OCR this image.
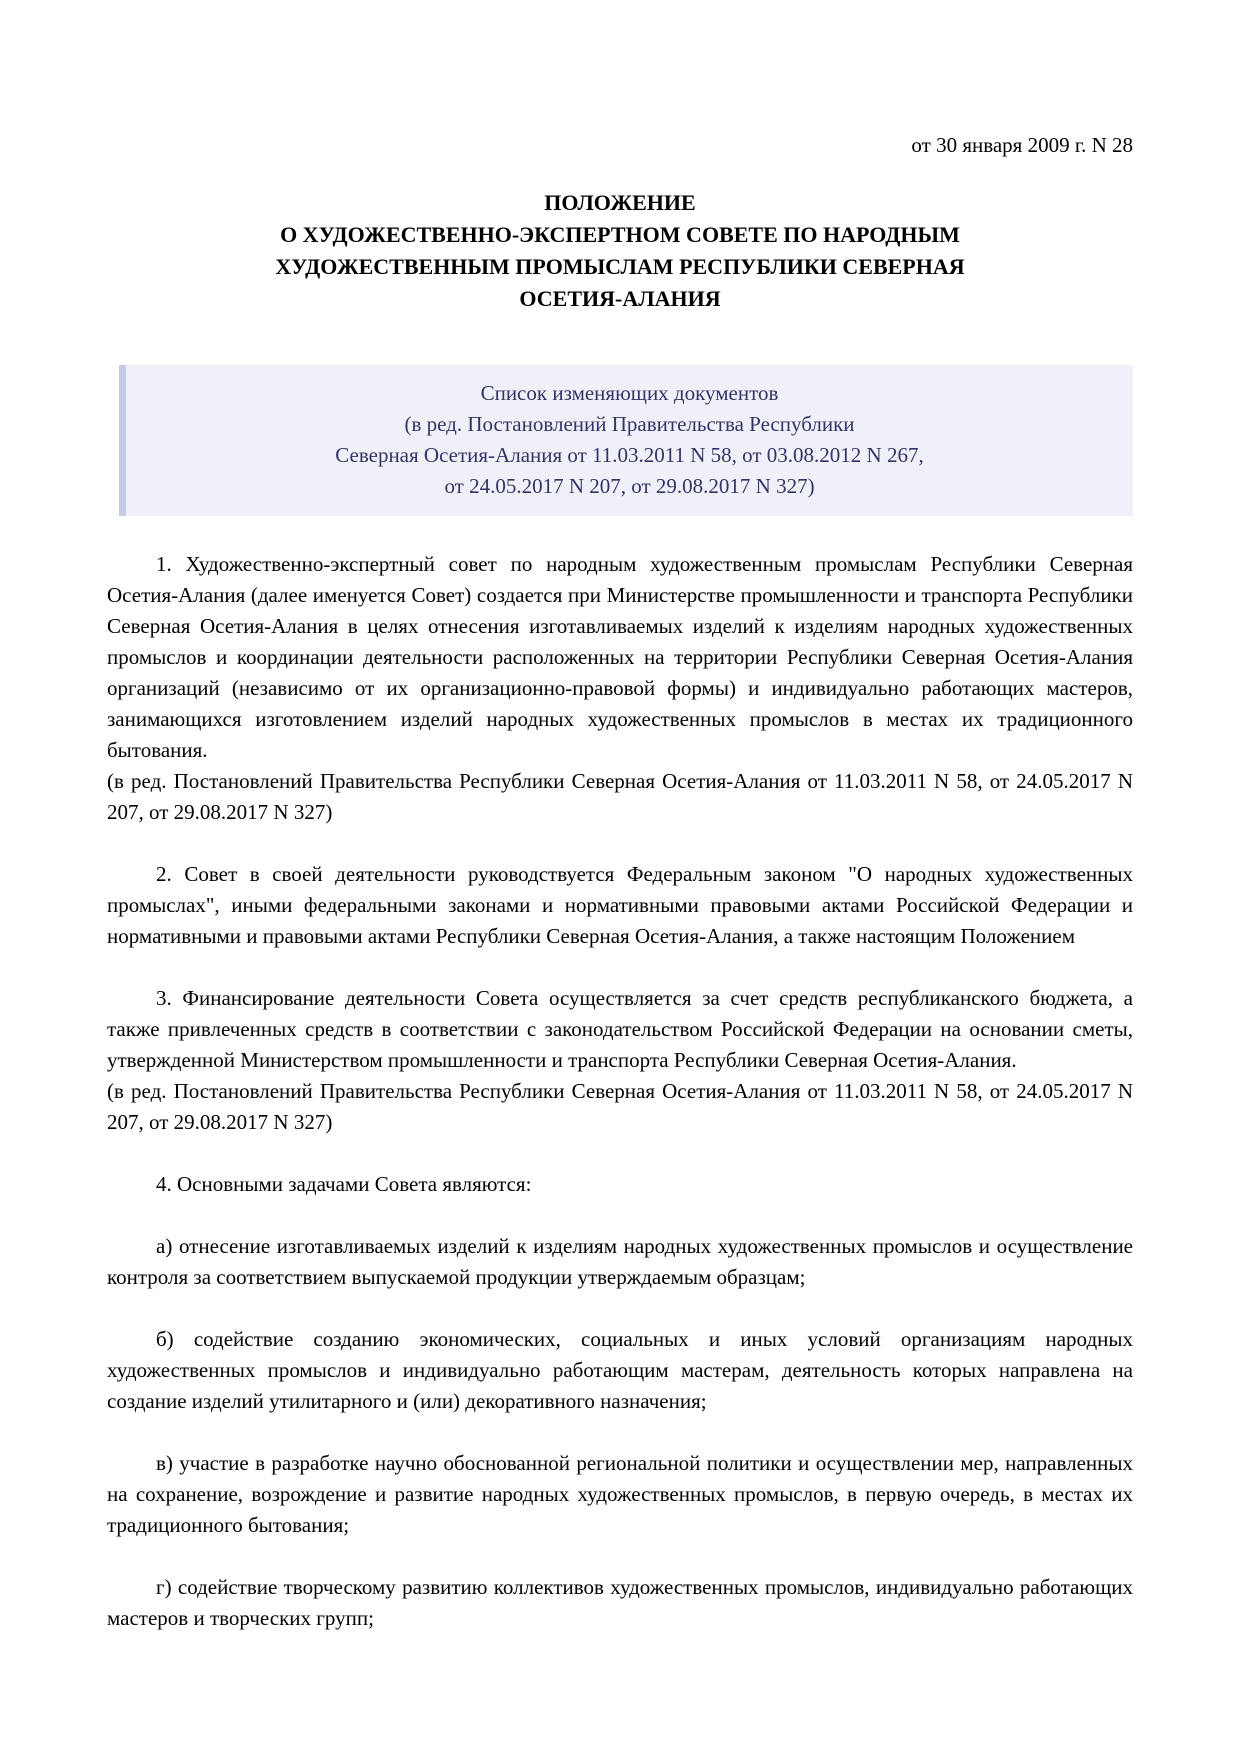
от 30 января 2009 г. N 28
ПОЛОЖЕНИЕ
О ХУДОЖЕСТВЕННО-ЭКСПЕРТНОМ СОВЕТЕ ПО НАРОДНЫМ
ХУДОЖЕСТВЕННЫМ ПРОМЫСЛАМ РЕСПУБЛИКИ СЕВЕРНАЯ
ОСЕТИЯ-АЛАНИЯ
Список изменяющих документов
(в ред. Постановлений Правительства Республики
Северная Осетия-Алания от 11.03.2011 N 58, от 03.08.2012 N 267,
от 24.05.2017 N 207, от 29.08.2017 N 327)

1. Художественно-экспертный совет по народным художественным промыслам Республики Северная Осетия-Алания (далее именуется Совет) создается при Министерстве промышленности и транспорта Республики Северная Осетия-Алания в целях отнесения изготавливаемых изделий к изделиям народных художественных промыслов и координации деятельности расположенных на территории Республики Северная Осетия-Алания организаций (независимо от их организационно-правовой формы) и индивидуально работающих мастеров, занимающихся изготовлением изделий народных художественных промыслов в местах их традиционного бытования.

(в ред. Постановлений Правительства Республики Северная Осетия-Алания от 11.03.2011 N 58, от 24.05.2017 N 207, от 29.08.2017 N 327)

2. Совет в своей деятельности руководствуется Федеральным законом "О народных художественных промыслах", иными федеральными законами и нормативными правовыми актами Российской Федерации и нормативными и правовыми актами Республики Северная Осетия-Алания, а также настоящим Положением

3. Финансирование деятельности Совета осуществляется за счет средств республиканского бюджета, а также привлеченных средств в соответствии с законодательством Российской Федерации на основании сметы, утвержденной Министерством промышленности и транспорта Республики Северная Осетия-Алания.

(в ред. Постановлений Правительства Республики Северная Осетия-Алания от 11.03.2011 N 58, от 24.05.2017 N 207, от 29.08.2017 N 327)

4. Основными задачами Совета являются:

а) отнесение изготавливаемых изделий к изделиям народных художественных промыслов и осуществление контроля за соответствием выпускаемой продукции утверждаемым образцам;

б) содействие созданию экономических, социальных и иных условий организациям народных художественных промыслов и индивидуально работающим мастерам, деятельность которых направлена на создание изделий утилитарного и (или) декоративного назначения;

в) участие в разработке научно обоснованной региональной политики и осуществлении мер, направленных на сохранение, возрождение и развитие народных художественных промыслов, в первую очередь, в местах их традиционного бытования;

г) содействие творческому развитию коллективов художественных промыслов, индивидуально работающих мастеров и творческих групп;
